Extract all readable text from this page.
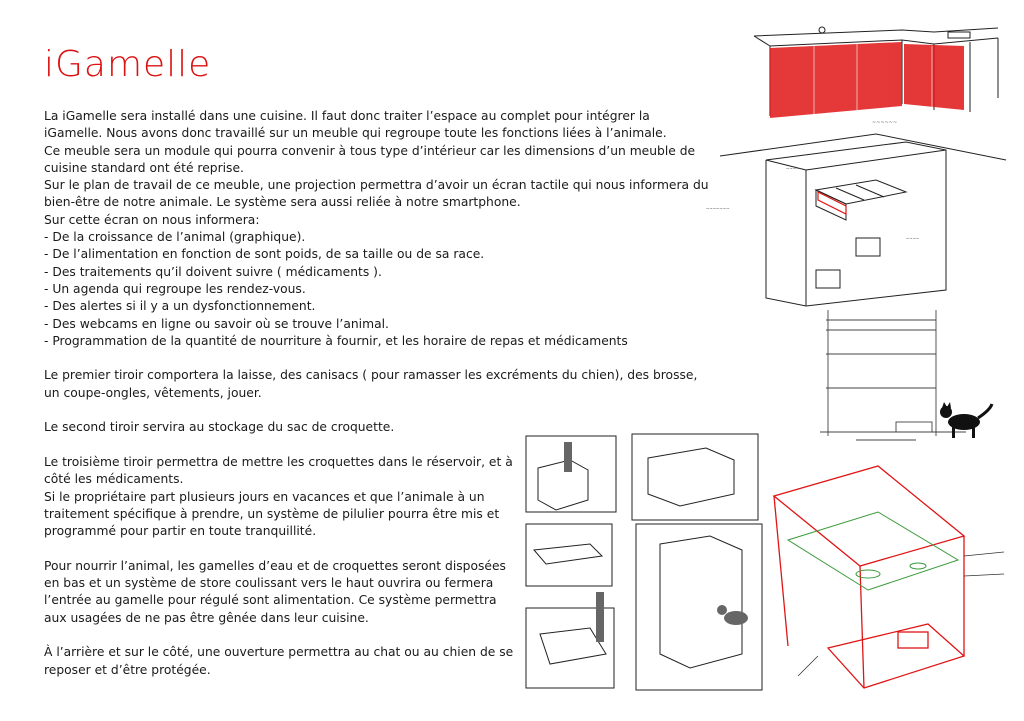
iGamelle

La iGamelle sera installé dans une cuisine. Il faut donc traiter l’espace au complet pour intégrer la iGamelle. Nous avons donc travaillé sur un meuble qui regroupe toute les fonctions liées à l’animale.

Ce meuble sera un module qui pourra convenir à tous type d’intérieur car les dimensions d’un meuble de cuisine standard ont été reprise.

Sur le plan de travail de ce meuble, une projection permettra d’avoir un écran tactile qui nous informera du bien-être de notre animale. Le système sera aussi reliée à notre smartphone.

Sur cette écran on nous informera:

- De la croissance de l’animal (graphique).

- De l’alimentation en fonction de sont poids, de sa taille ou de sa race.

- Des traitements qu’il doivent suivre ( médicaments ).

- Un agenda qui regroupe les rendez-vous.

- Des alertes si il y a un dysfonctionnement.

- Des webcams en ligne ou savoir où se trouve l’animal.

- Programmation de la quantité de nourriture à fournir, et les horaire de repas et médicaments

Le premier tiroir comportera la laisse, des canisacs ( pour ramasser les excréments du chien), des brosse, un coupe-ongles, vêtements, jouer.

Le second tiroir servira au stockage du sac de croquette.

Le troisième tiroir permettra de mettre les croquettes dans le réservoir, et à côté les médicaments.

Si le propriétaire part plusieurs jours en vacances et que l’animale à un traitement spécifique à prendre, un système de pilulier pourra être mis et programmé pour partir en toute tranquillité.

Pour nourrir l’animal, les gamelles d’eau et de croquettes seront disposées en bas et un système de store coulissant vers le haut ouvrira ou fermera l’entrée au gamelle pour régulé sont alimentation. Ce système permettra aux usagées de ne pas être gênée dans leur cuisine.

À l’arrière et sur le côté, une ouverture permettra au chat ou au chien de se reposer et d’être protégée.

~~~~~~
~~~~~
~~~~~~~
~~~~
